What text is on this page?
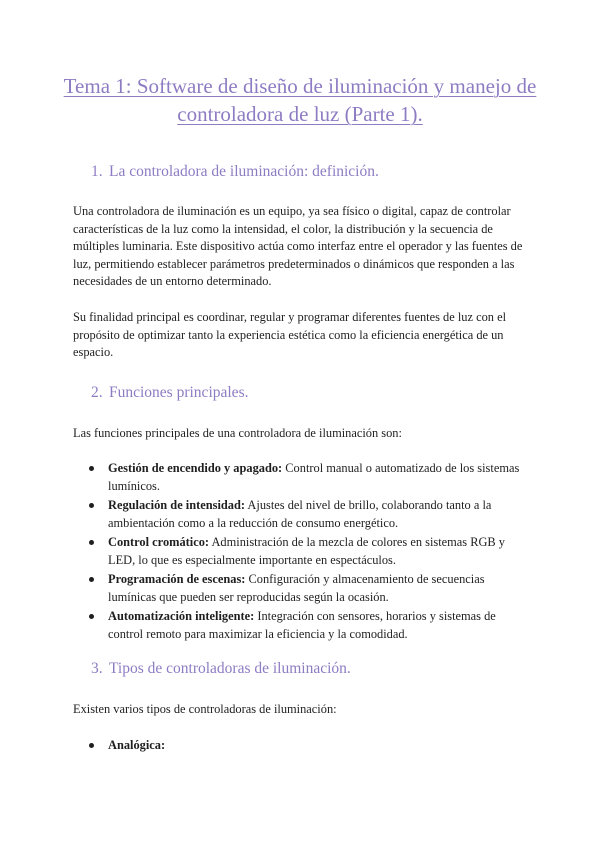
Tema 1: Software de diseño de iluminación y manejo de controladora de luz (Parte 1).
1. La controladora de iluminación: definición.

Una controladora de iluminación es un equipo, ya sea físico o digital, capaz de controlar características de la luz como la intensidad, el color, la distribución y la secuencia de múltiples luminaria. Este dispositivo actúa como interfaz entre el operador y las fuentes de luz, permitiendo establecer parámetros predeterminados o dinámicos que responden a las necesidades de un entorno determinado.

Su finalidad principal es coordinar, regular y programar diferentes fuentes de luz con el propósito de optimizar tanto la experiencia estética como la eficiencia energética de un espacio.

2. Funciones principales.

Las funciones principales de una controladora de iluminación son:

Gestión de encendido y apagado: Control manual o automatizado de los sistemas lumínicos.
Regulación de intensidad: Ajustes del nivel de brillo, colaborando tanto a la ambientación como a la reducción de consumo energético.
Control cromático: Administración de la mezcla de colores en sistemas RGB y LED, lo que es especialmente importante en espectáculos.
Programación de escenas: Configuración y almacenamiento de secuencias lumínicas que pueden ser reproducidas según la ocasión.
Automatización inteligente: Integración con sensores, horarios y sistemas de control remoto para maximizar la eficiencia y la comodidad.
3. Tipos de controladoras de iluminación.

Existen varios tipos de controladoras de iluminación:

Analógica:
